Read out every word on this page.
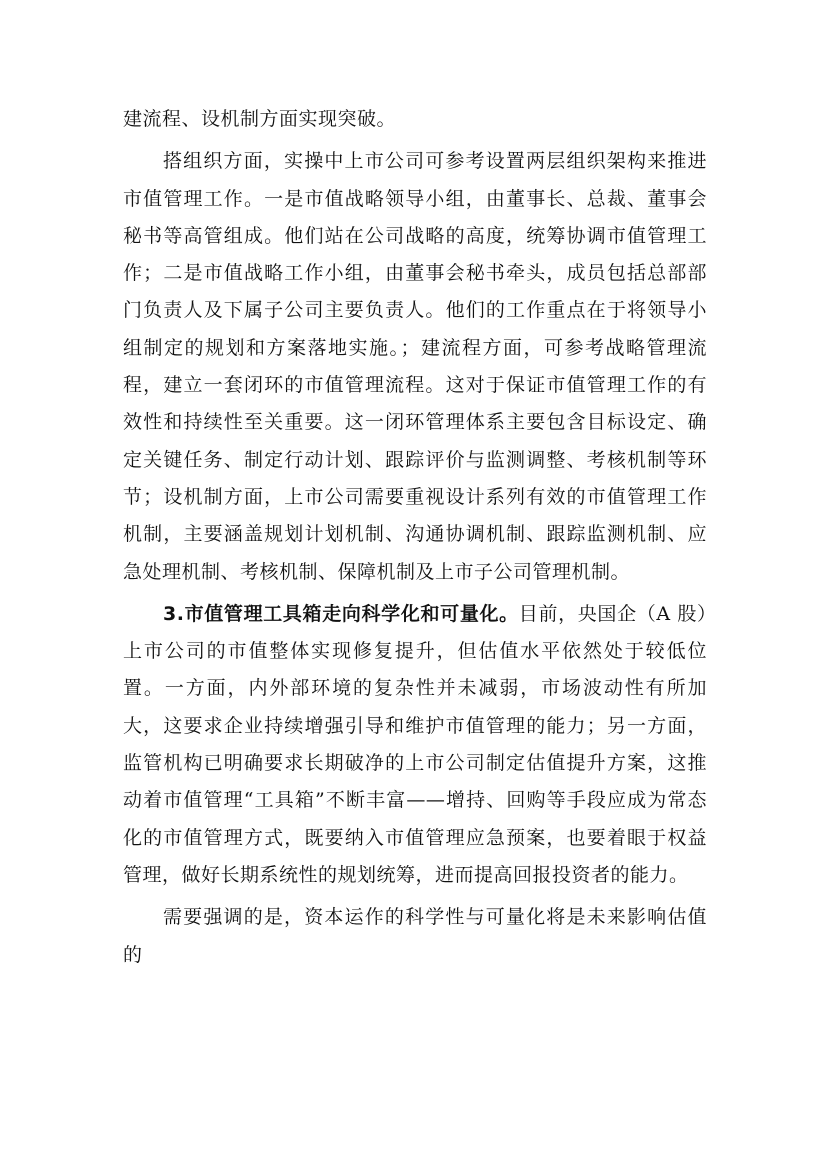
建流程、设机制方面实现突破。

搭组织方面，实操中上市公司可参考设置两层组织架构来推进市值管理工作。一是市值战略领导小组，由董事长、总裁、董事会秘书等高管组成。他们站在公司战略的高度，统筹协调市值管理工作；二是市值战略工作小组，由董事会秘书牵头，成员包括总部部门负责人及下属子公司主要负责人。他们的工作重点在于将领导小组制定的规划和方案落地实施。；建流程方面，可参考战略管理流程，建立一套闭环的市值管理流程。这对于保证市值管理工作的有效性和持续性至关重要。这一闭环管理体系主要包含目标设定、确定关键任务、制定行动计划、跟踪评价与监测调整、考核机制等环节；设机制方面，上市公司需要重视设计系列有效的市值管理工作机制，主要涵盖规划计划机制、沟通协调机制、跟踪监测机制、应急处理机制、考核机制、保障机制及上市子公司管理机制。

3.市值管理工具箱走向科学化和可量化。目前，央国企（A 股）上市公司的市值整体实现修复提升，但估值水平依然处于较低位置。一方面，内外部环境的复杂性并未减弱，市场波动性有所加大，这要求企业持续增强引导和维护市值管理的能力；另一方面，监管机构已明确要求长期破净的上市公司制定估值提升方案，这推动着市值管理“工具箱”不断丰富——增持、回购等手段应成为常态化的市值管理方式，既要纳入市值管理应急预案，也要着眼于权益管理，做好长期系统性的规划统筹，进而提高回报投资者的能力。

需要强调的是，资本运作的科学性与可量化将是未来影响估值的
